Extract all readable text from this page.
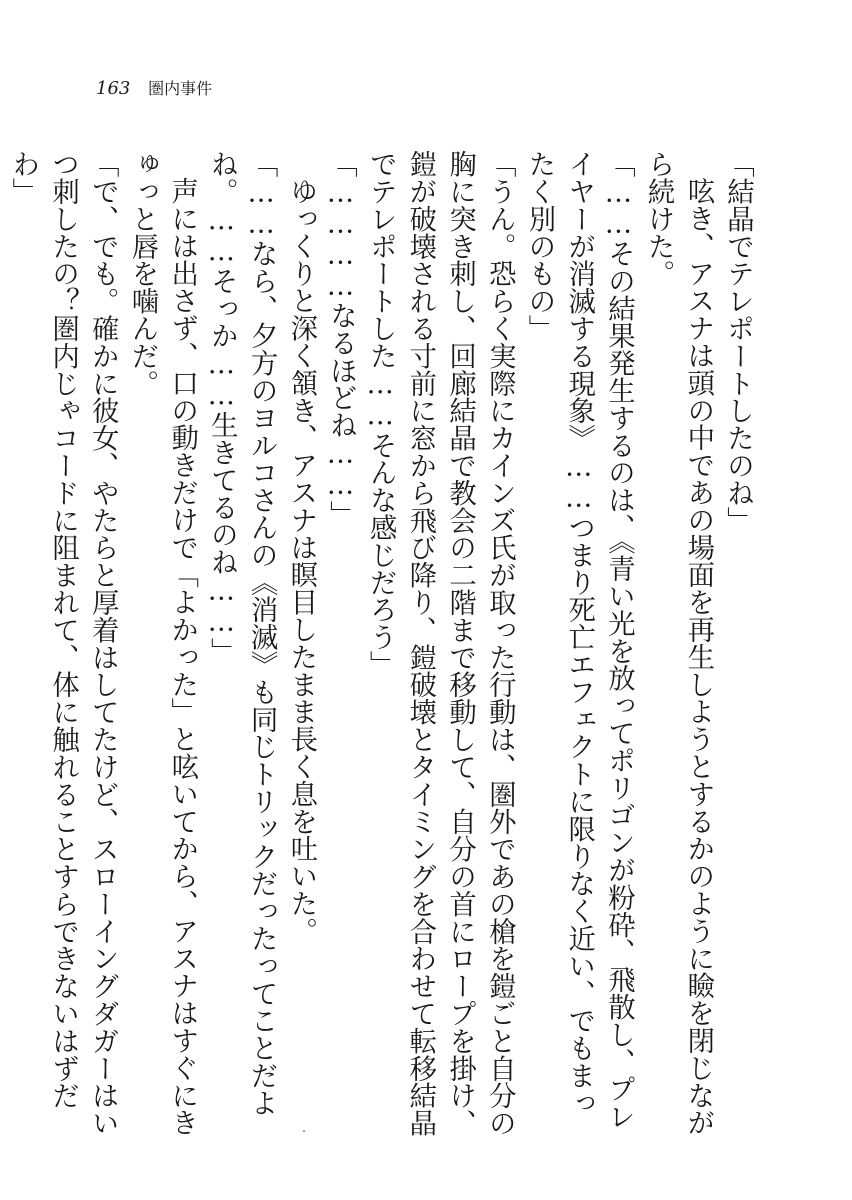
163 圏内事件

「結晶でテレポートしたのね」

呟き、アスナは頭の中であの場面を再生しようとするかのように瞼を閉じながら続けた。

「……その結果発生するのは、《青い光を放ってポリゴンが粉砕、飛散し、プレイヤーが消滅する現象》……つまり死亡エフェクトに限りなく近い、でもまったく別のもの」

「うん。恐らく実際にカインズ氏が取った行動は、圏外であの槍を鎧ごと自分の胸に突き刺し、回廊結晶で教会の二階まで移動して、自分の首にロープを掛け、鎧が破壊される寸前に窓から飛び降り、鎧破壊とタイミングを合わせて転移結晶でテレポートした……そんな感じだろう」

「…………なるほどね……」

ゆっくりと深く頷き、アスナは瞑目したまま長く息を吐いた。

「……なら、夕方のヨルコさんの《消滅》も同じトリックだったってことだよね。……そっか……生きてるのね……」

声には出さず、口の動きだけで「よかった」と呟いてから、アスナはすぐにきゅっと唇を噛んだ。

「で、でも。確かに彼女、やたらと厚着はしてたけど、スローイングダガーはいつ刺したの？圏内じゃコードに阻まれて、体に触れることすらできないはずだわ」
